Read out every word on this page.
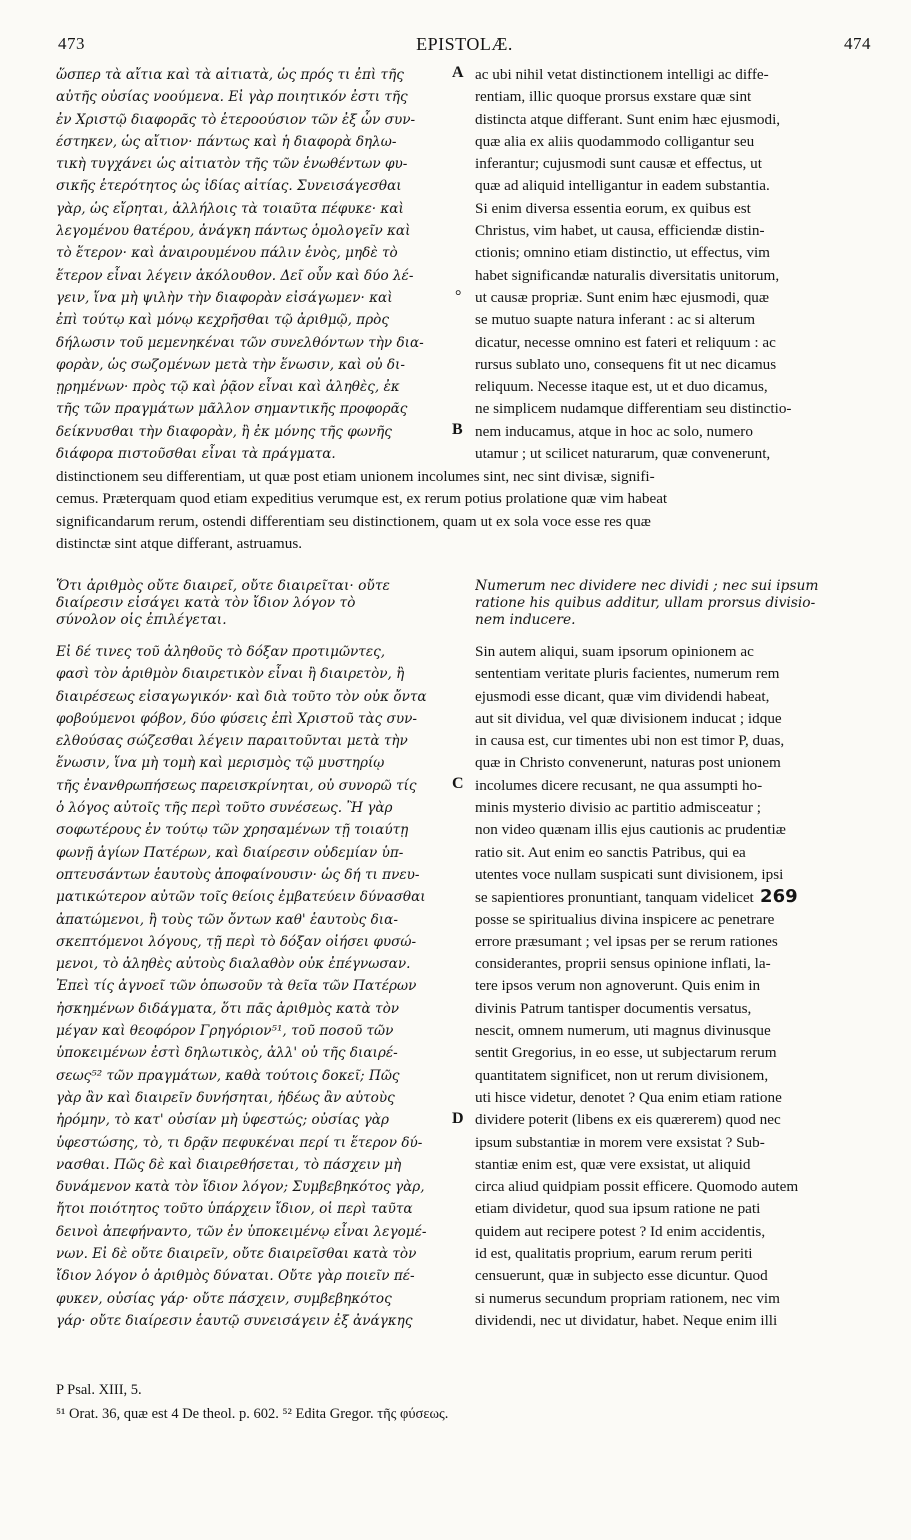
473	EPISTOLÆ.	474
ὥσπερ τὰ αἴτια καὶ τὰ αἰτιατὰ, ὡς πρός τι ἐπὶ τῆς
αὐτῆς οὐσίας νοούμενα. Εἰ γὰρ ποιητικόν ἐστι τῆς
ἐν Χριστῷ διαφορᾶς τὸ ἑτεροούσιον τῶν ἐξ ὧν συν-
έστηκεν, ὡς αἴτιον· πάντως καὶ ἡ διαφορὰ δηλω-
τικὴ τυγχάνει ὡς αἰτιατὸν τῆς τῶν ἑνωθέντων φυ-
σικῆς ἑτερότητος ὡς ἰδίας αἰτίας. Συνεισάγεσθαι
γὰρ, ὡς εἴρηται, ἀλλήλοις τὰ τοιαῦτα πέφυκε· καὶ
λεγομένου θατέρου, ἀνάγκη πάντως ὁμολογεῖν καὶ
τὸ ἕτερον· καὶ ἀναιρουμένου πάλιν ἑνὸς, μηδὲ τὸ
ἕτερον εἶναι λέγειν ἀκόλουθον. Δεῖ οὖν καὶ δύο λέ-
γειν, ἵνα μὴ ψιλὴν τὴν διαφορὰν εἰσάγωμεν· καὶ
ἐπὶ τούτῳ καὶ μόνῳ κεχρῆσθαι τῷ ἀριθμῷ, πρὸς
δήλωσιν τοῦ μεμενηκέναι τῶν συνελθόντων τὴν δια-
φορὰν, ὡς σωζομένων μετὰ τὴν ἕνωσιν, καὶ οὐ δι-
ῃρημένων· πρὸς τῷ καὶ ῥᾷον εἶναι καὶ ἀληθὲς, ἐκ
τῆς τῶν πραγμάτων μᾶλλον σημαντικῆς προφορᾶς
δείκνυσθαι τὴν διαφορὰν, ἢ ἐκ μόνης τῆς φωνῆς
διάφορα πιστοῦσθαι εἶναι τὰ πράγματα.
ac ubi nihil vetat distinctionem intelligi ac diffe-
rentiam, illic quoque prorsus exstare quæ sint
distincta atque differant. Sunt enim hæc ejusmodi,
quæ alia ex aliis quodammodo colligantur seu
inferantur; cujusmodi sunt causæ et effectus, ut
quæ ad aliquid intelligantur in eadem substantia.
Si enim diversa essentia eorum, ex quibus est
Christus, vim habet, ut causa, efficiendæ distin-
ctionis; omnino etiam distinctio, ut effectus, vim
habet significandæ naturalis diversitatis unitorum,
ut causæ propriæ. Sunt enim hæc ejusmodi, quæ
se mutuo suapte natura inferant : ac si alterum
dicatur, necesse omnino est fateri et reliquum : ac
rursus sublato uno, consequens fit ut nec dicamus
reliquum. Necesse itaque est, ut et duo dicamus,
ne simplicem nudamque differentiam seu distinctio-
nem inducamus, atque in hoc ac solo, numero
utamur ; ut scilicet naturarum, quæ convenerunt,
A
°
B
distinctionem seu differentiam, ut quæ post etiam unionem incolumes sint, nec sint divisæ, signifi-
cemus. Præterquam quod etiam expeditius verumque est, ex rerum potius prolatione quæ vim habeat
significandarum rerum, ostendi differentiam seu distinctionem, quam ut ex sola voce esse res quæ
distinctæ sint atque differant, astruamus.
Ὅτι ἀριθμὸς οὔτε διαιρεῖ, οὔτε διαιρεῖται· οὔτε
διαίρεσιν εἰσάγει κατὰ τὸν ἴδιον λόγον τὸ
σύνολον οἷς ἐπιλέγεται.
Numerum nec dividere nec dividi ; nec sui ipsum
ratione his quibus additur, ullam prorsus divisio-
nem inducere.
Εἰ δέ τινες τοῦ ἀληθοῦς τὸ δόξαν προτιμῶντες,
φασὶ τὸν ἀριθμὸν διαιρετικὸν εἶναι ἢ διαιρετὸν, ἢ
διαιρέσεως εἰσαγωγικόν· καὶ διὰ τοῦτο τὸν οὐκ ὄντα
φοβούμενοι φόβον, δύο φύσεις ἐπὶ Χριστοῦ τὰς συν-
ελθούσας σώζεσθαι λέγειν παραιτοῦνται μετὰ τὴν
ἕνωσιν, ἵνα μὴ τομὴ καὶ μερισμὸς τῷ μυστηρίῳ
τῆς ἐνανθρωπήσεως παρεισκρίνηται, οὐ συνορῶ τίς
ὁ λόγος αὐτοῖς τῆς περὶ τοῦτο συνέσεως. Ἢ γὰρ
σοφωτέρους ἐν τούτῳ τῶν χρησαμένων τῇ τοιαύτῃ
φωνῇ ἁγίων Πατέρων, καὶ διαίρεσιν οὐδεμίαν ὑπ-
οπτευσάντων ἑαυτοὺς ἀποφαίνουσιν· ὡς δή τι πνευ-
ματικώτερον αὐτῶν τοῖς θείοις ἐμβατεύειν δύνασθαι
ἀπατώμενοι, ἢ τοὺς τῶν ὄντων καθ' ἑαυτοὺς δια-
σκεπτόμενοι λόγους, τῇ περὶ τὸ δόξαν οἰήσει φυσώ-
μενοι, τὸ ἀληθὲς αὐτοὺς διαλαθὸν οὐκ ἐπέγνωσαν.
Ἐπεὶ τίς ἀγνοεῖ τῶν ὁπωσοῦν τὰ θεῖα τῶν Πατέρων
ἠσκημένων διδάγματα, ὅτι πᾶς ἀριθμὸς κατὰ τὸν
μέγαν καὶ θεοφόρον Γρηγόριον⁵¹, τοῦ ποσοῦ τῶν
ὑποκειμένων ἐστὶ δηλωτικὸς, ἀλλ' οὐ τῆς διαιρέ-
σεως⁵² τῶν πραγμάτων, καθὰ τούτοις δοκεῖ; Πῶς
γὰρ ἂν καὶ διαιρεῖν δυνήσηται, ἡδέως ἂν αὐτοὺς
ἠρόμην, τὸ κατ' οὐσίαν μὴ ὑφεστώς; οὐσίας γὰρ
ὑφεστώσης, τὸ, τι δρᾷν πεφυκέναι περί τι ἕτερον δύ-
νασθαι. Πῶς δὲ καὶ διαιρεθήσεται, τὸ πάσχειν μὴ
δυνάμενον κατὰ τὸν ἴδιον λόγον; Συμβεβηκότος γὰρ,
ἤτοι ποιότητος τοῦτο ὑπάρχειν ἴδιον, οἱ περὶ ταῦτα
δεινοὶ ἀπεφήναντο, τῶν ἐν ὑποκειμένῳ εἶναι λεγομέ-
νων. Εἰ δὲ οὔτε διαιρεῖν, οὔτε διαιρεῖσθαι κατὰ τὸν
ἴδιον λόγον ὁ ἀριθμὸς δύναται. Οὔτε γὰρ ποιεῖν πέ-
φυκεν, οὐσίας γάρ· οὔτε πάσχειν, συμβεβηκότος
γάρ· οὔτε διαίρεσιν ἑαυτῷ συνεισάγειν ἐξ ἀνάγκης
Sin autem aliqui, suam ipsorum opinionem ac
sententiam veritate pluris facientes, numerum rem
ejusmodi esse dicant, quæ vim dividendi habeat,
aut sit dividua, vel quæ divisionem inducat ; idque
in causa est, cur timentes ubi non est timor P, duas,
quæ in Christo convenerunt, naturas post unionem
incolumes dicere recusant, ne qua assumpti ho-
minis mysterio divisio ac partitio admisceatur ;
non video quænam illis ejus cautionis ac prudentiæ
ratio sit. Aut enim eo sanctis Patribus, qui ea
utentes voce nullam suspicati sunt divisionem, ipsi
se sapientiores pronuntiant, tanquam videlicet 269
posse se spiritualius divina inspicere ac penetrare
errore præsumant ; vel ipsas per se rerum rationes
considerantes, proprii sensus opinione inflati, la-
tere ipsos verum non agnoverunt. Quis enim in
divinis Patrum tantisper documentis versatus,
nescit, omnem numerum, uti magnus divinusque
sentit Gregorius, in eo esse, ut subjectarum rerum
quantitatem significet, non ut rerum divisionem,
uti hisce videtur, denotet ? Qua enim etiam ratione
dividere poterit (libens ex eis quærerem) quod nec
ipsum substantiæ in morem vere exsistat ? Sub-
stantiæ enim est, quæ vere exsistat, ut aliquid
circa aliud quidpiam possit efficere. Quomodo autem
etiam dividetur, quod sua ipsum ratione ne pati
quidem aut recipere potest ? Id enim accidentis,
id est, qualitatis proprium, earum rerum periti
censuerunt, quæ in subjecto esse dicuntur. Quod
si numerus secundum propriam rationem, nec vim
dividendi, nec ut dividatur, habet. Neque enim illi
C
D
P Psal. XIII, 5.
⁵¹ Orat. 36, quæ est 4 De theol. p. 602. ⁵² Edita Gregor. τῆς φύσεως.
